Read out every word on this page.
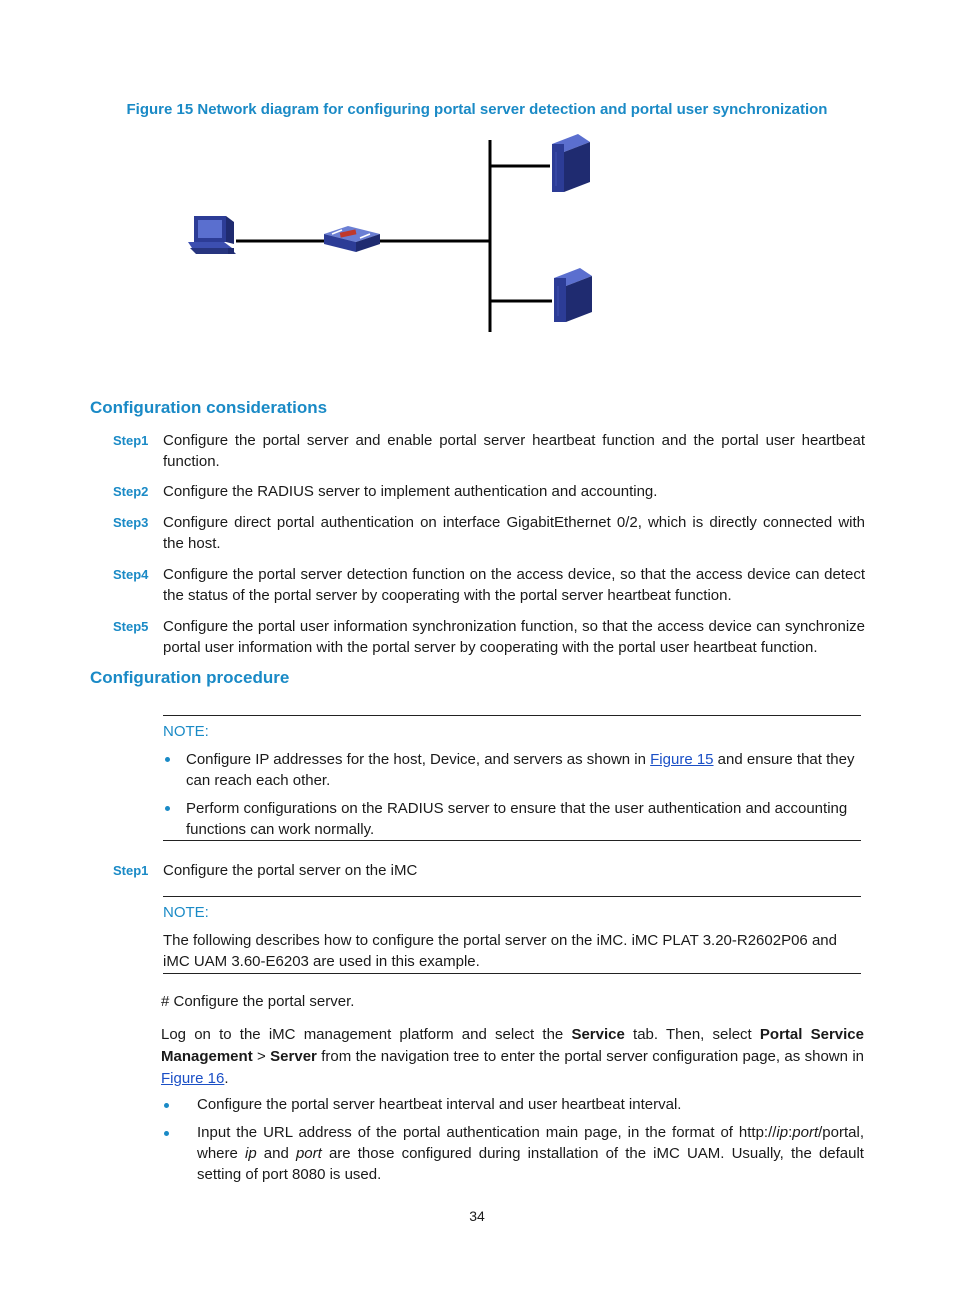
Figure 15 Network diagram for configuring portal server detection and portal user synchronization
Configuration considerations
Step1 Configure the portal server and enable portal server heartbeat function and the portal user heartbeat function.
Step2 Configure the RADIUS server to implement authentication and accounting.
Step3 Configure direct portal authentication on interface GigabitEthernet 0/2, which is directly connected with the host.
Step4 Configure the portal server detection function on the access device, so that the access device can detect the status of the portal server by cooperating with the portal server heartbeat function.
Step5 Configure the portal user information synchronization function, so that the access device can synchronize portal user information with the portal server by cooperating with the portal user heartbeat function.
Configuration procedure
NOTE:
Configure IP addresses for the host, Device, and servers as shown in Figure 15 and ensure that they can reach each other.
Perform configurations on the RADIUS server to ensure that the user authentication and accounting functions can work normally.
Step1 Configure the portal server on the iMC
NOTE:
The following describes how to configure the portal server on the iMC. iMC PLAT 3.20-R2602P06 and iMC UAM 3.60-E6203 are used in this example.
# Configure the portal server.
Log on to the iMC management platform and select the Service tab. Then, select Portal Service Management > Server from the navigation tree to enter the portal server configuration page, as shown in Figure 16.
Configure the portal server heartbeat interval and user heartbeat interval.
Input the URL address of the portal authentication main page, in the format of http://ip:port/portal, where ip and port are those configured during installation of the iMC UAM. Usually, the default setting of port 8080 is used.
34
